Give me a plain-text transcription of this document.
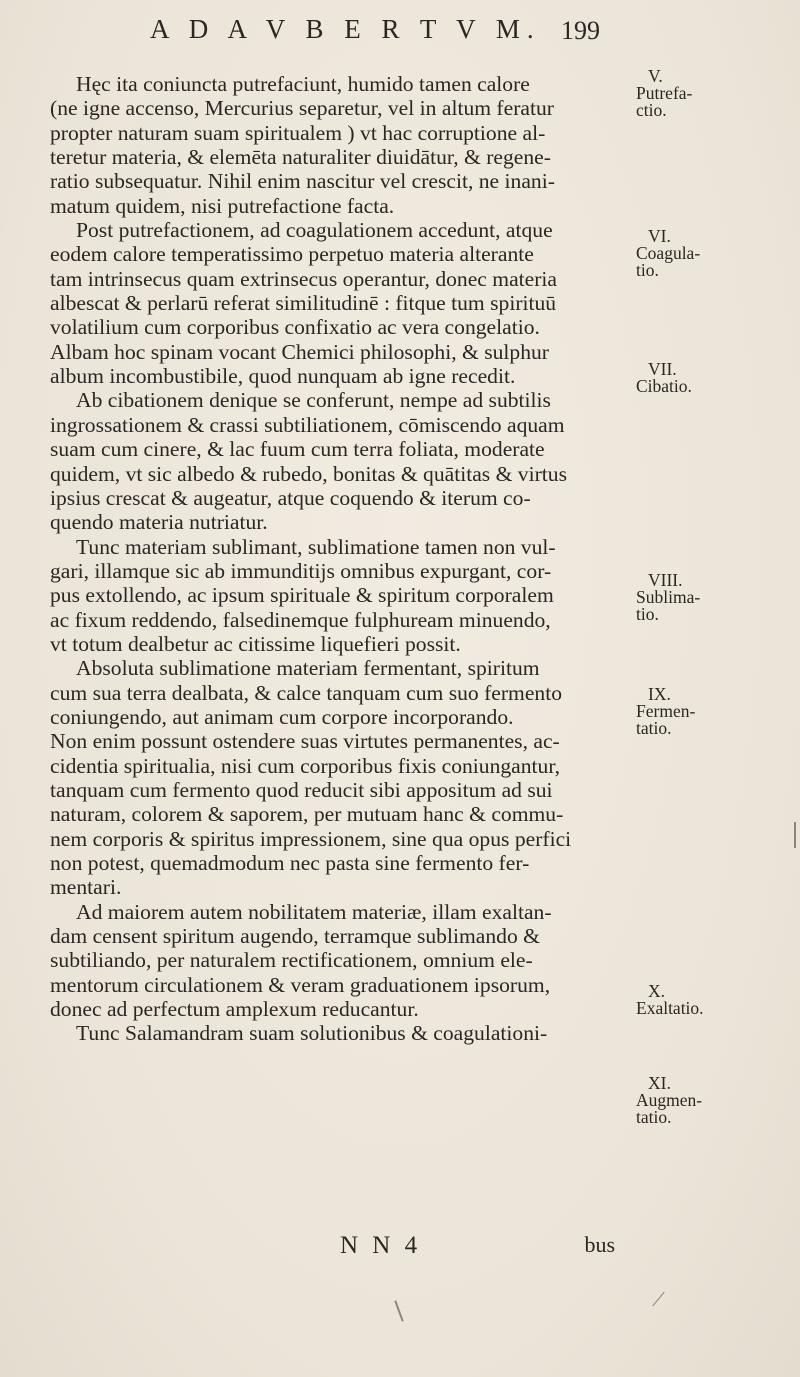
A D A V B E R T V M. 199
Hęc ita coniuncta putrefaciunt, humido tamen calore
(ne igne accenso, Mercurius separetur, vel in altum feratur
propter naturam suam spiritualem ) vt hac corruptione al-
teretur materia, & elemēta naturaliter diuidātur, & regene-
ratio subsequatur. Nihil enim nascitur vel crescit, ne inani-
matum quidem, nisi putrefactione facta.
Post putrefactionem, ad coagulationem accedunt, atque
eodem calore temperatissimo perpetuo materia alterante
tam intrinsecus quam extrinsecus operantur, donec materia
albescat & perlarū referat similitudinē : fitque tum spirituū
volatilium cum corporibus confixatio ac vera congelatio.
Albam hoc spinam vocant Chemici philosophi, & sulphur
album incombustibile, quod nunquam ab igne recedit.
Ab cibationem denique se conferunt, nempe ad subtilis
ingrossationem & crassi subtiliationem, cōmiscendo aquam
suam cum cinere, & lac fuum cum terra foliata, moderate
quidem, vt sic albedo & rubedo, bonitas & quātitas & virtus
ipsius crescat & augeatur, atque coquendo & iterum co-
quendo materia nutriatur.
Tunc materiam sublimant, sublimatione tamen non vul-
gari, illamque sic ab immunditijs omnibus expurgant, cor-
pus extollendo, ac ipsum spirituale & spiritum corporalem
ac fixum reddendo, falsedinemque fulphuream minuendo,
vt totum dealbetur ac citissime liquefieri possit.
Absoluta sublimatione materiam fermentant, spiritum
cum sua terra dealbata, & calce tanquam cum suo fermento
coniungendo, aut animam cum corpore incorporando.
Non enim possunt ostendere suas virtutes permanentes, ac-
cidentia spiritualia, nisi cum corporibus fixis coniungantur,
tanquam cum fermento quod reducit sibi appositum ad sui
naturam, colorem & saporem, per mutuam hanc & commu-
nem corporis & spiritus impressionem, sine qua opus perfici
non potest, quemadmodum nec pasta sine fermento fer-
mentari.
Ad maiorem autem nobilitatem materiæ, illam exaltan-
dam censent spiritum augendo, terramque sublimando &
subtiliando, per naturalem rectificationem, omnium ele-
mentorum circulationem & veram graduationem ipsorum,
donec ad perfectum amplexum reducantur.
Tunc Salamandram suam solutionibus & coagulationi-
V.
Putrefa-
ctio.
VI.
Coagula-
tio.
VII.
Cibatio.
VIII.
Sublima-
tio.
IX.
Fermen-
tatio.
X.
Exaltatio.
XI.
Augmen-
tatio.
N N 4	bus
